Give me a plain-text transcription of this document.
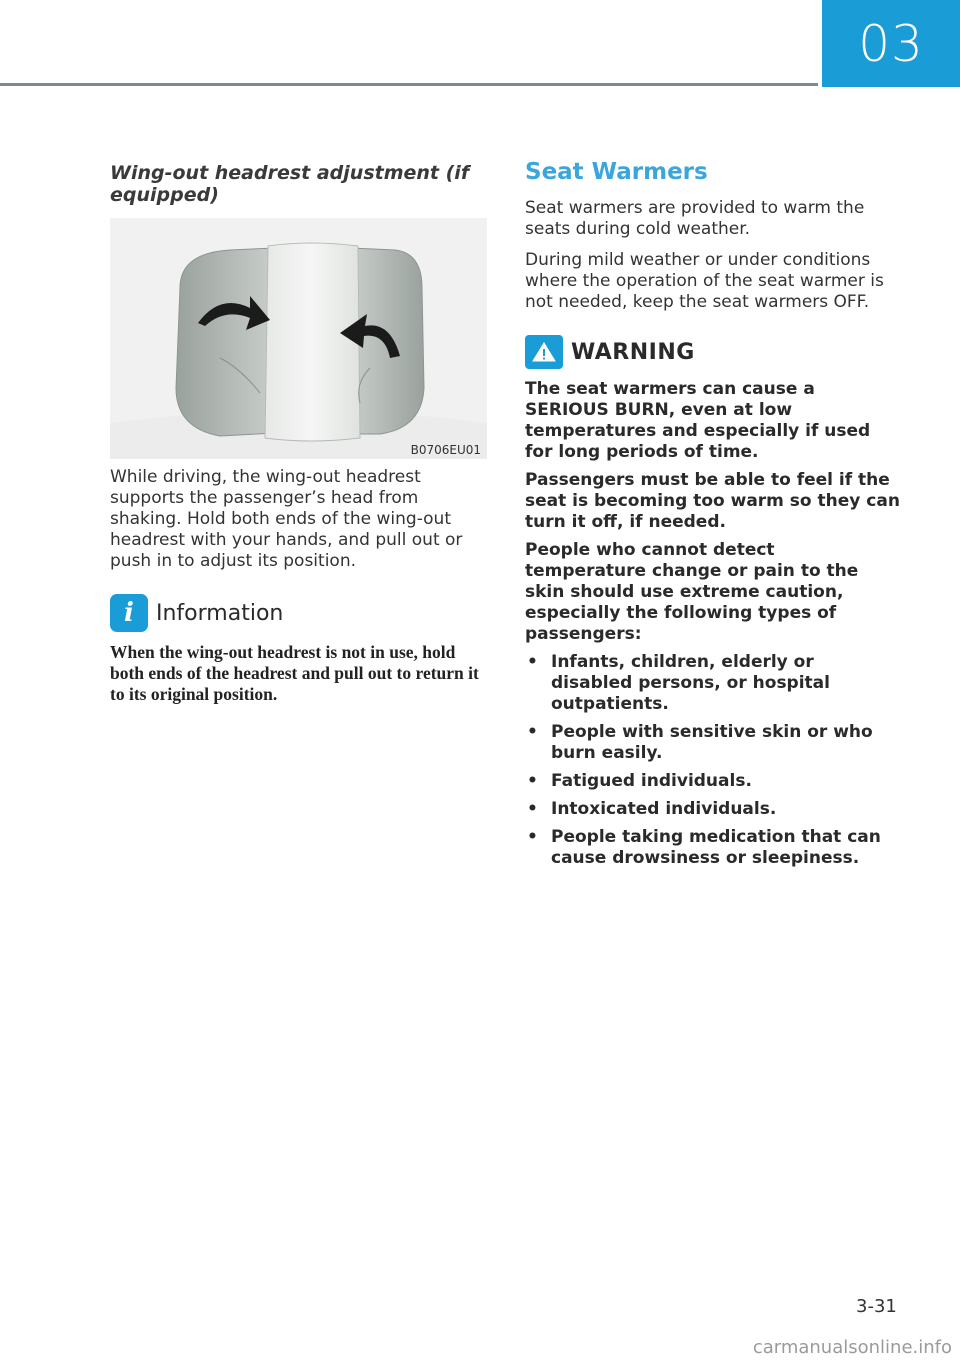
03
Wing-out headrest adjustment (if equipped)
B0706EU01

While driving, the wing-out headrest supports the passenger’s head from shaking. Hold both ends of the wing-out headrest with your hands, and pull out or push in to adjust its position.

i	Information

When the wing-out headrest is not in use, hold both ends of the headrest and pull out to return it to its original position.

Seat Warmers

Seat warmers are provided to warm the seats during cold weather.

During mild weather or under conditions where the operation of the seat warmer is not needed, keep the seat warmers OFF.

WARNING

The seat warmers can cause a SERIOUS BURN, even at low temperatures and especially if used for long periods of time.

Passengers must be able to feel if the seat is becoming too warm so they can turn it off, if needed.

People who cannot detect temperature change or pain to the skin should use extreme caution, especially the following types of passengers:

• Infants, children, elderly or disabled persons, or hospital outpatients.
• People with sensitive skin or who burn easily.
• Fatigued individuals.
• Intoxicated individuals.
• People taking medication that can cause drowsiness or sleepiness.
3-31
carmanualsonline.info
